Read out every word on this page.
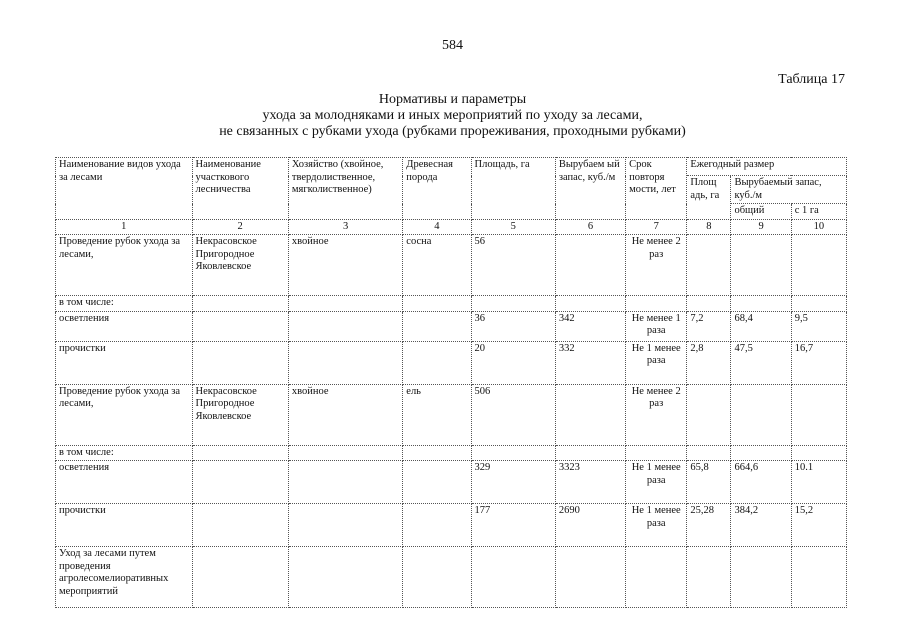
584
Таблица 17
Нормативы и параметры
ухода за молодняками и иных мероприятий по уходу за лесами,
не связанных с рубками ухода (рубками прореживания, проходными рубками)
Наименование видов ухода за лесами	Наименование участкового лесничества	Хозяйство (хвойное, твердолиственное, мягколиственное)	Древесная порода	Площадь, га	Вырубаем ый запас, куб./м	Срок повторя мости, лет	Ежегодный размер		
							Площ адь, га	Вырубаемый запас, куб./м	
								общий	с 1 га
1	2	3	4	5	6	7	8	9	10
Проведение рубок ухода за лесами,	Некрасовское Пригородное Яковлевское	хвойное	сосна	56		Не менее 2 раз			
в том числе:									
осветления				36	342	Не менее 1 раза	7,2	68,4	9,5
прочистки				20	332	Не 1 менее раза	2,8	47,5	16,7
Проведение рубок ухода за лесами,	Некрасовское Пригородное Яковлевское	хвойное	ель	506		Не менее 2 раз			
в том числе:									
осветления				329	3323	Не 1 менее раза	65,8	664,6	10.1
прочистки				177	2690	Не 1 менее раза	25,28	384,2	15,2
Уход за лесами путем проведения агролесомелиоративных мероприятий									
